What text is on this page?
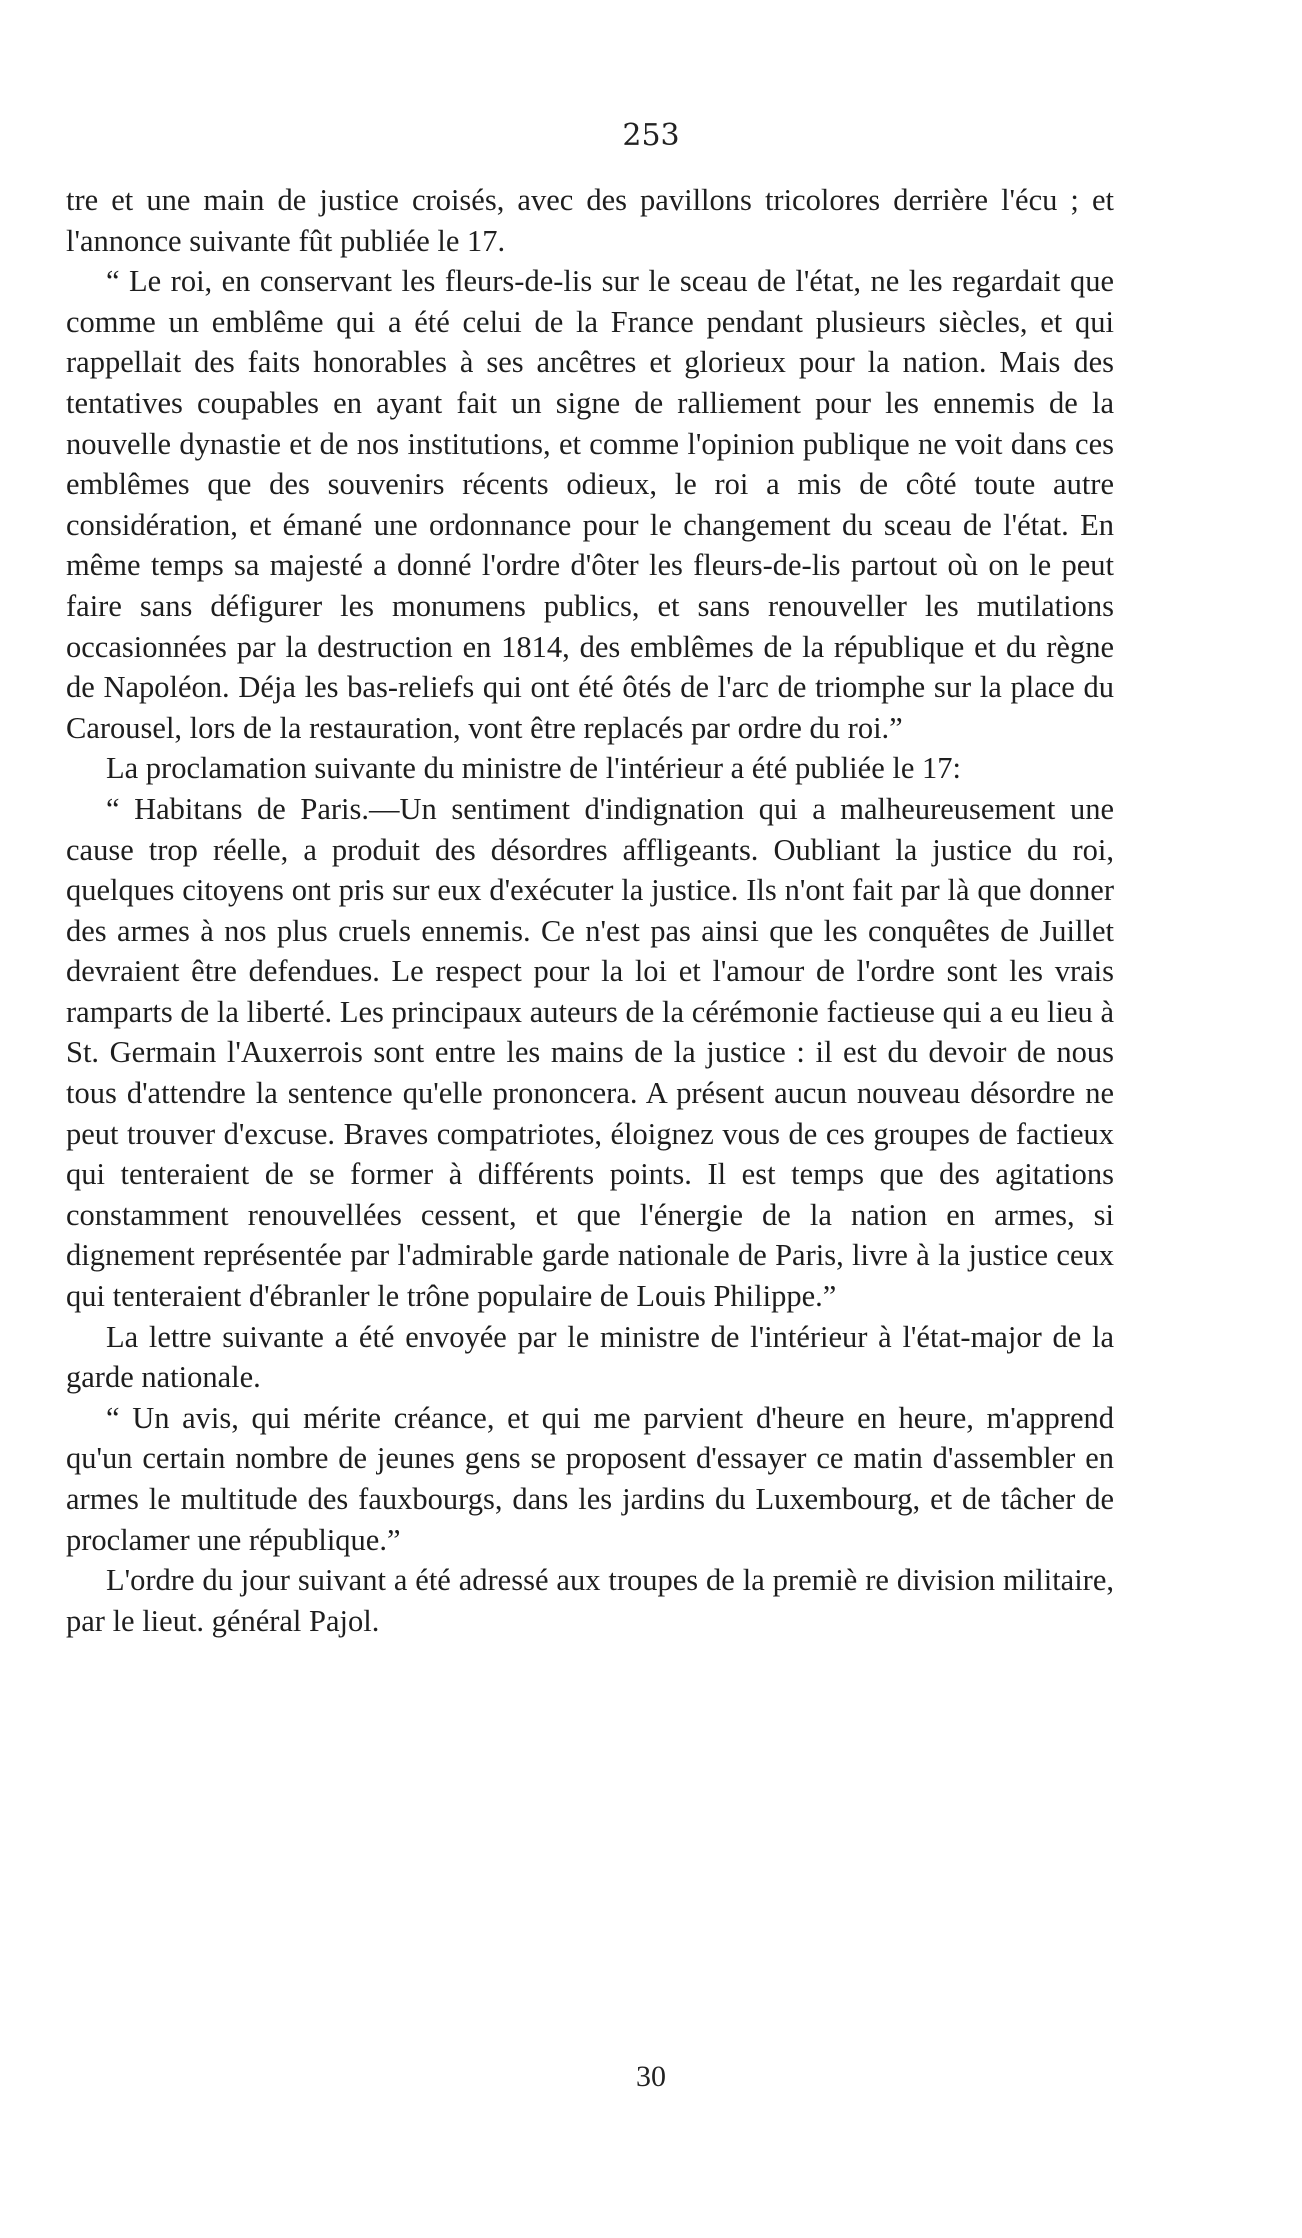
253

tre et une main de justice croisés, avec des pavillons tricolores derrière l'écu ; et l'annonce suivante fût publiée le 17.

“ Le roi, en conservant les fleurs-de-lis sur le sceau de l'état, ne les regardait que comme un emblême qui a été celui de la France pendant plusieurs siècles, et qui rappellait des faits honorables à ses ancêtres et glorieux pour la nation. Mais des tentatives coupables en ayant fait un signe de ralliement pour les ennemis de la nouvelle dynastie et de nos institutions, et comme l'opinion publique ne voit dans ces emblêmes que des souvenirs récents odieux, le roi a mis de côté toute autre considération, et émané une ordonnance pour le changement du sceau de l'état. En même temps sa majesté a donné l'ordre d'ôter les fleurs-de-lis partout où on le peut faire sans défigurer les monumens publics, et sans renouveller les mutilations occasionnées par la destruction en 1814, des emblêmes de la république et du règne de Napoléon. Déja les bas-reliefs qui ont été ôtés de l'arc de triomphe sur la place du Carousel, lors de la restauration, vont être replacés par ordre du roi.”

La proclamation suivante du ministre de l'intérieur a été publiée le 17:

“ Habitans de Paris.—Un sentiment d'indignation qui a malheureusement une cause trop réelle, a produit des désordres affligeants. Oubliant la justice du roi, quelques citoyens ont pris sur eux d'exécuter la justice. Ils n'ont fait par là que donner des armes à nos plus cruels ennemis. Ce n'est pas ainsi que les conquêtes de Juillet devraient être defendues. Le respect pour la loi et l'amour de l'ordre sont les vrais ramparts de la liberté. Les principaux auteurs de la cérémonie factieuse qui a eu lieu à St. Germain l'Auxerrois sont entre les mains de la justice : il est du devoir de nous tous d'attendre la sentence qu'elle prononcera. A présent aucun nouveau désordre ne peut trouver d'excuse. Braves compatriotes, éloignez vous de ces groupes de factieux qui tenteraient de se former à différents points. Il est temps que des agitations constamment renouvellées cessent, et que l'énergie de la nation en armes, si dignement représentée par l'admirable garde nationale de Paris, livre à la justice ceux qui tenteraient d'ébranler le trône populaire de Louis Philippe.”

La lettre suivante a été envoyée par le ministre de l'intérieur à l'état-major de la garde nationale.

“ Un avis, qui mérite créance, et qui me parvient d'heure en heure, m'apprend qu'un certain nombre de jeunes gens se proposent d'essayer ce matin d'assembler en armes le multitude des fauxbourgs, dans les jardins du Luxembourg, et de tâcher de proclamer une république.”

L'ordre du jour suivant a été adressé aux troupes de la premiè re division militaire, par le lieut. général Pajol.

30
